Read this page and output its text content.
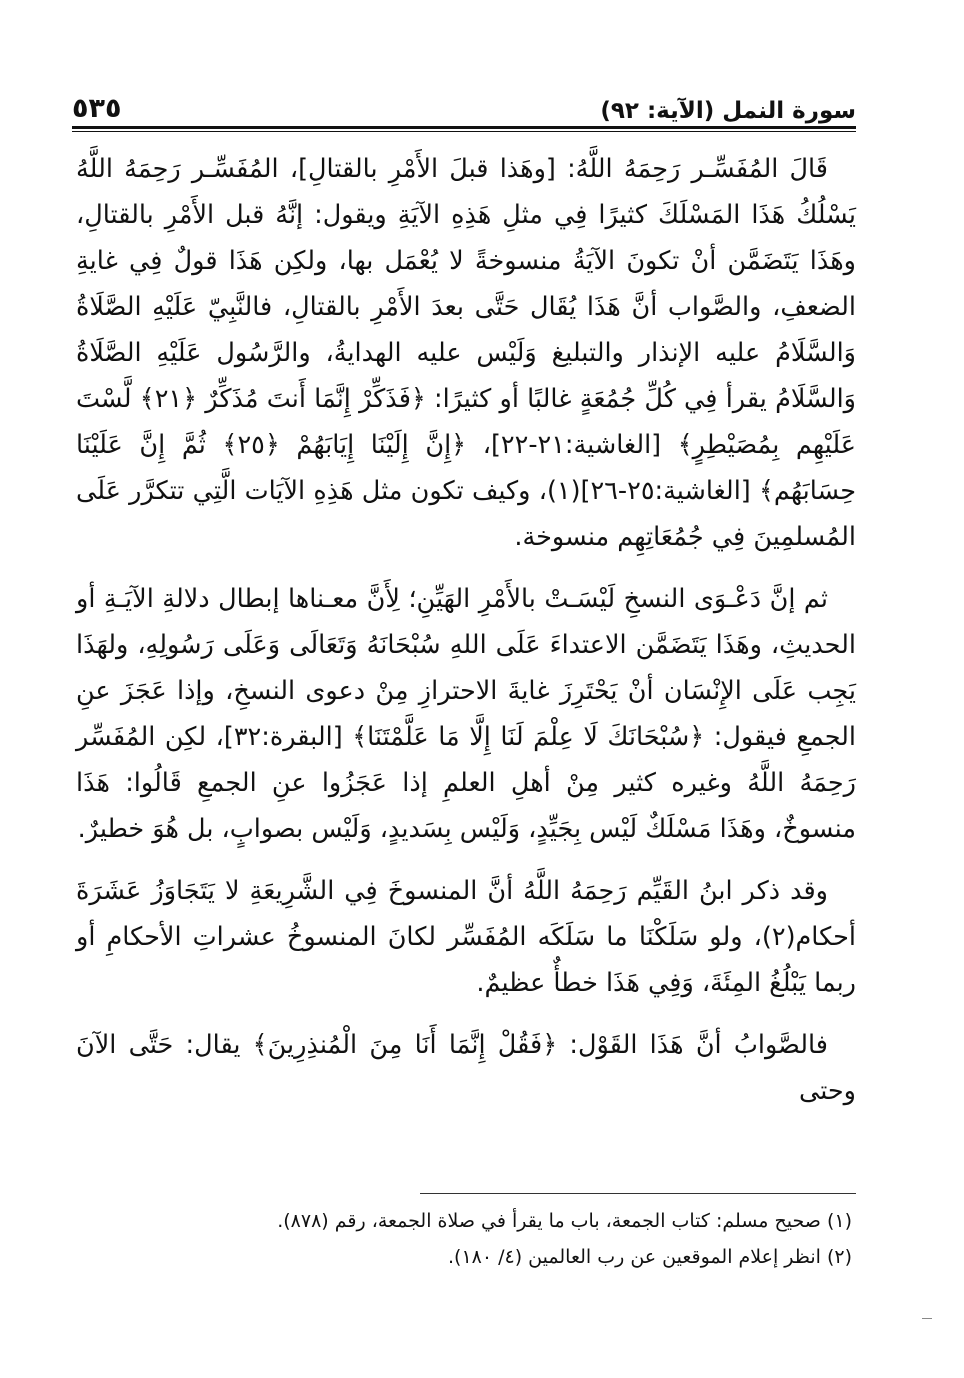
سورة النمل (الآية: ٩٢)
٥٣٥

قَالَ المُفَسِّـر رَحِمَهُ اللَّهُ: [وهَذا قبلَ الأَمْرِ بالقتالِ]، المُفَسِّـر رَحِمَهُ اللَّهُ يَسْلُكُ هَذَا المَسْلَكَ كثيرًا فِي مثلِ هَذِهِ الآيَةِ ويقول: إنَّهُ قبل الأَمْرِ بالقتالِ، وهَذَا يَتَضَمَّن أنْ تكونَ الآيَةُ منسوخةً لا يُعْمَل بها، ولكِن هَذَا قولٌ فِي غايةِ الضعفِ، والصَّواب أنَّ هَذَا يُقَال حَتَّى بعدَ الأَمْرِ بالقتالِ، فالنَّبِيّ عَلَيْهِ الصَّلَاةُ وَالسَّلَامُ عليه الإنذار والتبليغ وَلَيْس عليه الهدايةُ، والرَّسُول عَلَيْهِ الصَّلَاةُ وَالسَّلَامُ يقرأ فِي كُلِّ جُمُعَةٍ غالبًا أو كثيرًا: ﴿فَذَكِّرْ إِنَّمَا أَنتَ مُذَكِّرٌ ﴿٢١﴾ لَّسْتَ عَلَيْهِم بِمُصَيْطِرٍ﴾ [الغاشية:٢١-٢٢]، ﴿إِنَّ إِلَيْنَا إِيَابَهُمْ ﴿٢٥﴾ ثُمَّ إِنَّ عَلَيْنَا حِسَابَهُم﴾ [الغاشية:٢٥-٢٦](١)، وكيف تكون مثل هَذِهِ الآيَات الَّتِي تتكرَّر عَلَى المُسلمِينَ فِي جُمُعَاتِهِم منسوخة.

ثم إنَّ دَعْـوَى النسخِ لَيْسَـتْ بالأَمْرِ الهَيِّنِ؛ لِأَنَّ معـناها إبطال دلالةِ الآيَـةِ أو الحديثِ، وهَذَا يَتَضَمَّن الاعتداءَ عَلَى اللهِ سُبْحَانَهُ وَتَعَالَى وَعَلَى رَسُولِهِ، ولهَذَا يَجِب عَلَى الإِنْسَان أنْ يَحْتَرِزَ غايةَ الاحترازِ مِنْ دعوى النسخِ، وإذا عَجَزَ عنِ الجمعِ فيقول: ﴿سُبْحَانَكَ لَا عِلْمَ لَنَا إِلَّا مَا عَلَّمْتَنَا﴾ [البقرة:٣٢]، لكِن المُفَسِّر رَحِمَهُ اللَّهُ وغيره كثير مِنْ أهلِ العلمِ إذا عَجَزُوا عنِ الجمعِ قَالُوا: هَذَا منسوخٌ، وهَذَا مَسْلَكٌ لَيْس بِجَيِّدٍ، وَلَيْس بِسَديدٍ، وَلَيْس بصوابٍ، بل هُوَ خطيرٌ.

وقد ذكر ابنُ القَيِّم رَحِمَهُ اللَّهُ أنَّ المنسوخَ فِي الشَّرِيعَةِ لا يَتَجَاوَزُ عَشَرَةَ أحكام(٢)، ولو سَلَكْنَا ما سَلَكَه المُفَسِّر لكانَ المنسوخُ عشراتِ الأحكامِ أو ربما يَبْلُغُ المِئَةَ، وَفِي هَذَا خطأٌ عظيمٌ.

فالصَّوابُ أنَّ هَذَا القَوْل: ﴿فَقُلْ إِنَّمَا أَنَا مِنَ الْمُنذِرِينَ﴾ يقال: حَتَّى الآنَ وحتى

(١) صحيح مسلم: كتاب الجمعة، باب ما يقرأ في صلاة الجمعة، رقم (٨٧٨).

(٢) انظر إعلام الموقعين عن رب العالمين (٤/ ١٨٠).
